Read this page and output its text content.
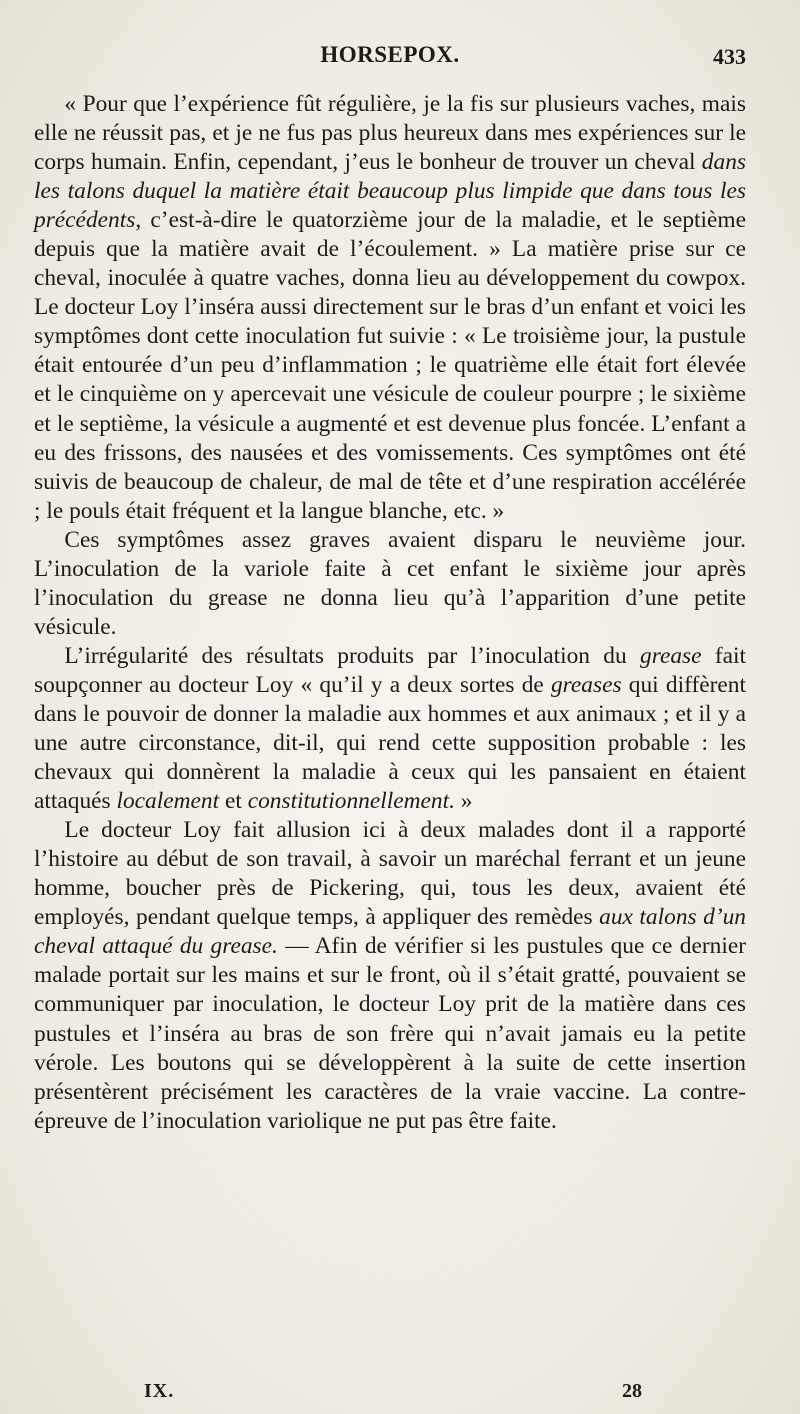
HORSEPOX.	433

« Pour que l’expérience fût régulière, je la fis sur plusieurs vaches, mais elle ne réussit pas, et je ne fus pas plus heureux dans mes expériences sur le corps humain. Enfin, cependant, j’eus le bonheur de trouver un cheval dans les talons duquel la matière était beaucoup plus limpide que dans tous les précédents, c’est-à-dire le quatorzième jour de la maladie, et le septième depuis que la matière avait de l’écoulement. » La matière prise sur ce cheval, inoculée à quatre vaches, donna lieu au développement du cowpox. Le docteur Loy l’inséra aussi directement sur le bras d’un enfant et voici les symptômes dont cette inoculation fut suivie : « Le troisième jour, la pustule était entourée d’un peu d’inflammation ; le quatrième elle était fort élevée et le cinquième on y apercevait une vésicule de couleur pourpre ; le sixième et le septième, la vésicule a augmenté et est devenue plus foncée. L’enfant a eu des frissons, des nausées et des vomissements. Ces symptômes ont été suivis de beaucoup de chaleur, de mal de tête et d’une respiration accélérée ; le pouls était fréquent et la langue blanche, etc. »

Ces symptômes assez graves avaient disparu le neuvième jour. L’inoculation de la variole faite à cet enfant le sixième jour après l’inoculation du grease ne donna lieu qu’à l’apparition d’une petite vésicule.

L’irrégularité des résultats produits par l’inoculation du grease fait soupçonner au docteur Loy « qu’il y a deux sortes de greases qui diffèrent dans le pouvoir de donner la maladie aux hommes et aux animaux ; et il y a une autre circonstance, dit-il, qui rend cette supposition probable : les chevaux qui donnèrent la maladie à ceux qui les pansaient en étaient attaqués localement et constitutionnellement. »

Le docteur Loy fait allusion ici à deux malades dont il a rapporté l’histoire au début de son travail, à savoir un maréchal ferrant et un jeune homme, boucher près de Pickering, qui, tous les deux, avaient été employés, pendant quelque temps, à appliquer des remèdes aux talons d’un cheval attaqué du grease. — Afin de vérifier si les pustules que ce dernier malade portait sur les mains et sur le front, où il s’était gratté, pouvaient se communiquer par inoculation, le docteur Loy prit de la matière dans ces pustules et l’inséra au bras de son frère qui n’avait jamais eu la petite vérole. Les boutons qui se développèrent à la suite de cette insertion présentèrent précisément les caractères de la vraie vaccine. La contre-épreuve de l’inoculation variolique ne put pas être faite.

IX.	28
